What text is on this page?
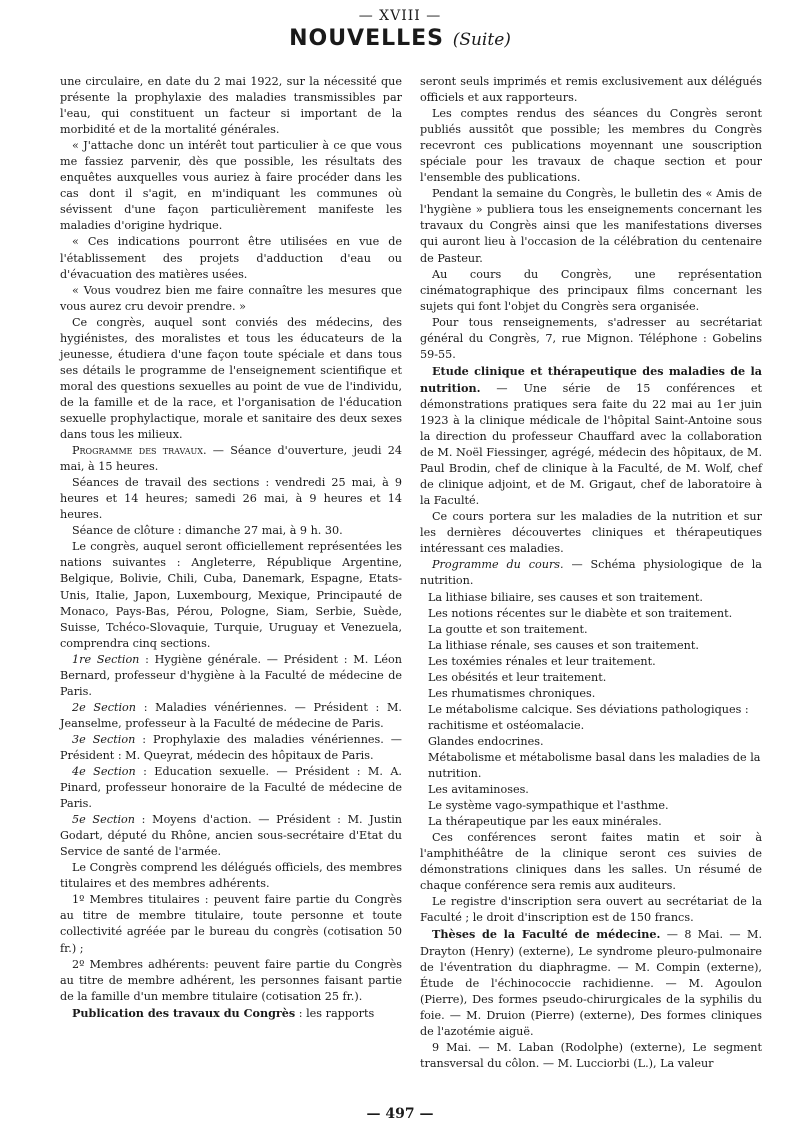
— XVIII —
NOUVELLES (Suite)

une circulaire, en date du 2 mai 1922, sur la nécessité que présente la prophylaxie des maladies transmissibles par l'eau, qui constituent un facteur si important de la morbidité et de la mortalité générales.

« J'attache donc un intérêt tout particulier à ce que vous me fassiez parvenir, dès que possible, les résultats des enquêtes auxquelles vous auriez à faire procéder dans les cas dont il s'agit, en m'indiquant les communes où sévissent d'une façon particulièrement manifeste les maladies d'origine hydrique.

« Ces indications pourront être utilisées en vue de l'établissement des projets d'adduction d'eau ou d'évacuation des matières usées.

« Vous voudrez bien me faire connaître les mesures que vous aurez cru devoir prendre. »

Ce congrès, auquel sont conviés des médecins, des hygiénistes, des moralistes et tous les éducateurs de la jeunesse, étudiera d'une façon toute spéciale et dans tous ses détails le programme de l'enseignement scientifique et moral des questions sexuelles au point de vue de l'individu, de la famille et de la race, et l'organisation de l'éducation sexuelle prophylactique, morale et sanitaire des deux sexes dans tous les milieux.

Programme des travaux. — Séance d'ouverture, jeudi 24 mai, à 15 heures.

Séances de travail des sections : vendredi 25 mai, à 9 heures et 14 heures; samedi 26 mai, à 9 heures et 14 heures.

Séance de clôture : dimanche 27 mai, à 9 h. 30.

Le congrès, auquel seront officiellement représentées les nations suivantes : Angleterre, République Argentine, Belgique, Bolivie, Chili, Cuba, Danemark, Espagne, Etats-Unis, Italie, Japon, Luxembourg, Mexique, Principauté de Monaco, Pays-Bas, Pérou, Pologne, Siam, Serbie, Suède, Suisse, Tchéco-Slovaquie, Turquie, Uruguay et Venezuela, comprendra cinq sections.

1re Section : Hygiène générale. — Président : M. Léon Bernard, professeur d'hygiène à la Faculté de médecine de Paris.

2e Section : Maladies vénériennes. — Président : M. Jeanselme, professeur à la Faculté de médecine de Paris.

3e Section : Prophylaxie des maladies vénériennes. — Président : M. Queyrat, médecin des hôpitaux de Paris.

4e Section : Education sexuelle. — Président : M. A. Pinard, professeur honoraire de la Faculté de médecine de Paris.

5e Section : Moyens d'action. — Président : M. Justin Godart, député du Rhône, ancien sous-secrétaire d'Etat du Service de santé de l'armée.

Le Congrès comprend les délégués officiels, des membres titulaires et des membres adhérents.

1º Membres titulaires : peuvent faire partie du Congrès au titre de membre titulaire, toute personne et toute collectivité agréée par le bureau du congrès (cotisation 50 fr.) ;

2º Membres adhérents: peuvent faire partie du Congrès au titre de membre adhérent, les personnes faisant partie de la famille d'un membre titulaire (cotisation 25 fr.).

Publication des travaux du Congrès : les rapports

seront seuls imprimés et remis exclusivement aux délégués officiels et aux rapporteurs.

Les comptes rendus des séances du Congrès seront publiés aussitôt que possible; les membres du Congrès recevront ces publications moyennant une souscription spéciale pour les travaux de chaque section et pour l'ensemble des publications.

Pendant la semaine du Congrès, le bulletin des « Amis de l'hygiène » publiera tous les enseignements concernant les travaux du Congrès ainsi que les manifestations diverses qui auront lieu à l'occasion de la célébration du centenaire de Pasteur.

Au cours du Congrès, une représentation cinématographique des principaux films concernant les sujets qui font l'objet du Congrès sera organisée.

Pour tous renseignements, s'adresser au secrétariat général du Congrès, 7, rue Mignon. Téléphone : Gobelins 59-55.

Etude clinique et thérapeutique des maladies de la nutrition. — Une série de 15 conférences et démonstrations pratiques sera faite du 22 mai au 1er juin 1923 à la clinique médicale de l'hôpital Saint-Antoine sous la direction du professeur Chauffard avec la collaboration de M. Noël Fiessinger, agrégé, médecin des hôpitaux, de M. Paul Brodin, chef de clinique à la Faculté, de M. Wolf, chef de clinique adjoint, et de M. Grigaut, chef de laboratoire à la Faculté.

Ce cours portera sur les maladies de la nutrition et sur les dernières découvertes cliniques et thérapeutiques intéressant ces maladies.

Programme du cours. — Schéma physiologique de la nutrition.

La lithiase biliaire, ses causes et son traitement.

Les notions récentes sur le diabète et son traitement.

La goutte et son traitement.

La lithiase rénale, ses causes et son traitement.

Les toxémies rénales et leur traitement.

Les obésités et leur traitement.

Les rhumatismes chroniques.

Le métabolisme calcique. Ses déviations pathologiques : rachitisme et ostéomalacie.

Glandes endocrines.

Métabolisme et métabolisme basal dans les maladies de la nutrition.

Les avitaminoses.

Le système vago-sympathique et l'asthme.

La thérapeutique par les eaux minérales.

Ces conférences seront faites matin et soir à l'amphithéâtre de la clinique seront ces suivies de démonstrations cliniques dans les salles. Un résumé de chaque conférence sera remis aux auditeurs.

Le registre d'inscription sera ouvert au secrétariat de la Faculté ; le droit d'inscription est de 150 francs.

Thèses de la Faculté de médecine. — 8 Mai. — M. Drayton (Henry) (externe), Le syndrome pleuro-pulmonaire de l'éventration du diaphragme. — M. Compin (externe), Étude de l'échinococcie rachidienne. — M. Agoulon (Pierre), Des formes pseudo-chirurgicales de la syphilis du foie. — M. Druion (Pierre) (externe), Des formes cliniques de l'azotémie aiguë.

9 Mai. — M. Laban (Rodolphe) (externe), Le segment transversal du côlon. — M. Lucciorbi (L.), La valeur

— 497 —
